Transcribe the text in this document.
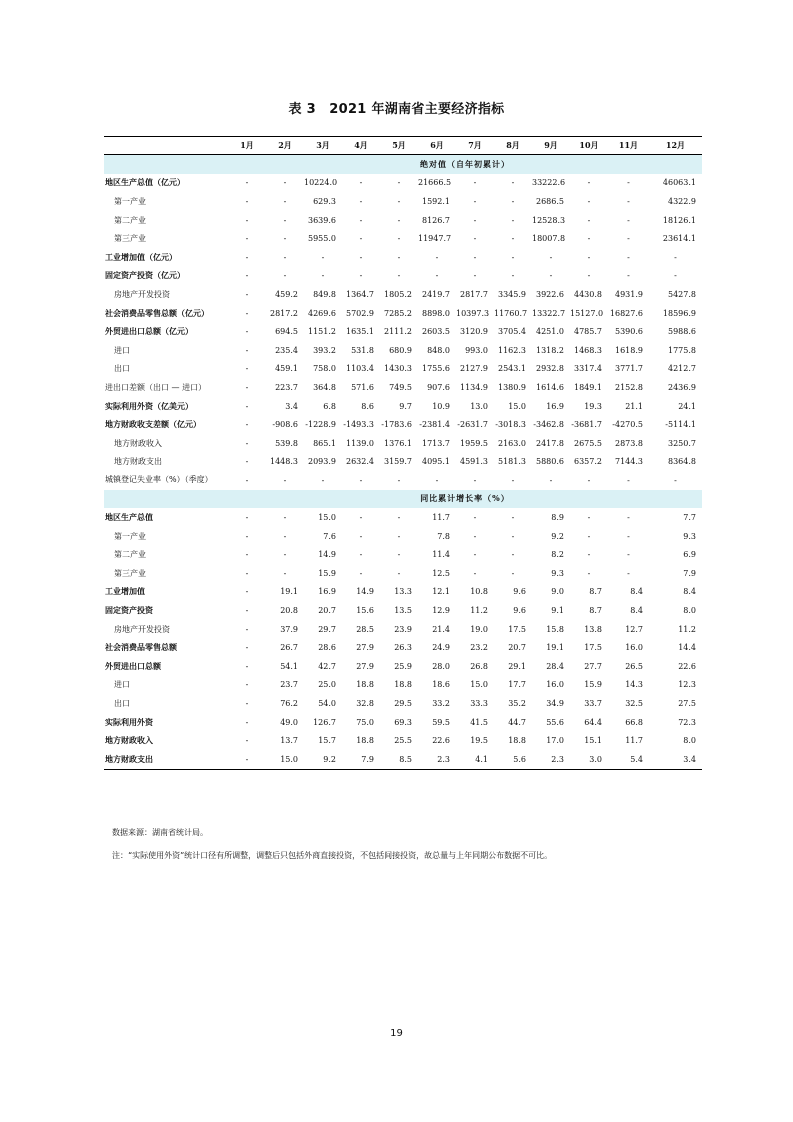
表 3　2021 年湖南省主要经济指标
	1月	2月	3月	4月	5月	6月	7月	8月	9月	10月	11月	12月
	绝对值（自年初累计）											
地区生产总值（亿元）	-	-	10224.0	-	-	21666.5	-	-	33222.6	-	-	46063.1
第一产业	-	-	629.3	-	-	1592.1	-	-	2686.5	-	-	4322.9
第二产业	-	-	3639.6	-	-	8126.7	-	-	12528.3	-	-	18126.1
第三产业	-	-	5955.0	-	-	11947.7	-	-	18007.8	-	-	23614.1
工业增加值（亿元）	-	-	-	-	-	-	-	-	-	-	-	-
固定资产投资（亿元）	-	-	-	-	-	-	-	-	-	-	-	-
房地产开发投资	-	459.2	849.8	1364.7	1805.2	2419.7	2817.7	3345.9	3922.6	4430.8	4931.9	5427.8
社会消费品零售总额（亿元）	-	2817.2	4269.6	5702.9	7285.2	8898.0	10397.3	11760.7	13322.7	15127.0	16827.6	18596.9
外贸进出口总额（亿元）	-	694.5	1151.2	1635.1	2111.2	2603.5	3120.9	3705.4	4251.0	4785.7	5390.6	5988.6
进口	-	235.4	393.2	531.8	680.9	848.0	993.0	1162.3	1318.2	1468.3	1618.9	1775.8
出口	-	459.1	758.0	1103.4	1430.3	1755.6	2127.9	2543.1	2932.8	3317.4	3771.7	4212.7
进出口差额（出口 — 进口）	-	223.7	364.8	571.6	749.5	907.6	1134.9	1380.9	1614.6	1849.1	2152.8	2436.9
实际利用外资（亿美元）	-	3.4	6.8	8.6	9.7	10.9	13.0	15.0	16.9	19.3	21.1	24.1
地方财政收支差额（亿元）	-	-908.6	-1228.9	-1493.3	-1783.6	-2381.4	-2631.7	-3018.3	-3462.8	-3681.7	-4270.5	-5114.1
地方财政收入	-	539.8	865.1	1139.0	1376.1	1713.7	1959.5	2163.0	2417.8	2675.5	2873.8	3250.7
地方财政支出	-	1448.3	2093.9	2632.4	3159.7	4095.1	4591.3	5181.3	5880.6	6357.2	7144.3	8364.8
城镇登记失业率（%）（季度）	-	-	-	-	-	-	-	-	-	-	-	-
	同比累计增长率（%）											
地区生产总值	-	-	15.0	-	-	11.7	-	-	8.9	-	-	7.7
第一产业	-	-	7.6	-	-	7.8	-	-	9.2	-	-	9.3
第二产业	-	-	14.9	-	-	11.4	-	-	8.2	-	-	6.9
第三产业	-	-	15.9	-	-	12.5	-	-	9.3	-	-	7.9
工业增加值	-	19.1	16.9	14.9	13.3	12.1	10.8	9.6	9.0	8.7	8.4	8.4
固定资产投资	-	20.8	20.7	15.6	13.5	12.9	11.2	9.6	9.1	8.7	8.4	8.0
房地产开发投资	-	37.9	29.7	28.5	23.9	21.4	19.0	17.5	15.8	13.8	12.7	11.2
社会消费品零售总额	-	26.7	28.6	27.9	26.3	24.9	23.2	20.7	19.1	17.5	16.0	14.4
外贸进出口总额	-	54.1	42.7	27.9	25.9	28.0	26.8	29.1	28.4	27.7	26.5	22.6
进口	-	23.7	25.0	18.8	18.8	18.6	15.0	17.7	16.0	15.9	14.3	12.3
出口	-	76.2	54.0	32.8	29.5	33.2	33.3	35.2	34.9	33.7	32.5	27.5
实际利用外资	-	49.0	126.7	75.0	69.3	59.5	41.5	44.7	55.6	64.4	66.8	72.3
地方财政收入	-	13.7	15.7	18.8	25.5	22.6	19.5	18.8	17.0	15.1	11.7	8.0
地方财政支出	-	15.0	9.2	7.9	8.5	2.3	4.1	5.6	2.3	3.0	5.4	3.4
数据来源：湖南省统计局。
注：“实际使用外资”统计口径有所调整，调整后只包括外商直接投资，不包括间接投资，故总量与上年同期公布数据不可比。
19
